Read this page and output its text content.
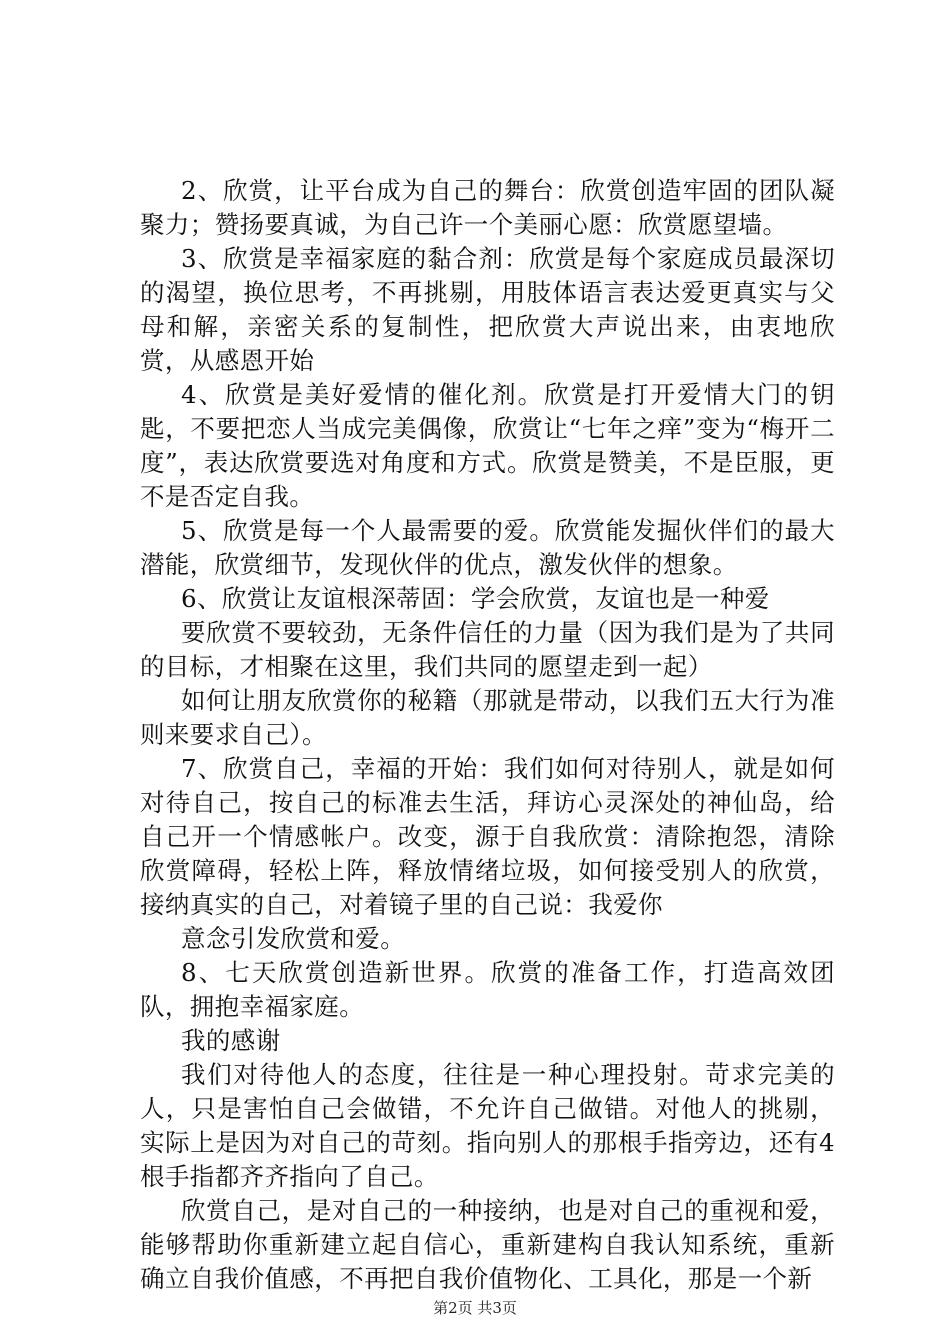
2、欣赏，让平台成为自己的舞台：欣赏创造牢固的团队凝聚力；赞扬要真诚，为自己许一个美丽心愿：欣赏愿望墙。

3、欣赏是幸福家庭的黏合剂：欣赏是每个家庭成员最深切的渴望，换位思考，不再挑剔，用肢体语言表达爱更真实与父母和解，亲密关系的复制性，把欣赏大声说出来，由衷地欣赏，从感恩开始

4、欣赏是美好爱情的催化剂。欣赏是打开爱情大门的钥匙，不要把恋人当成完美偶像，欣赏让“七年之痒”变为“梅开二度”，表达欣赏要选对角度和方式。欣赏是赞美，不是臣服，更不是否定自我。

5、欣赏是每一个人最需要的爱。欣赏能发掘伙伴们的最大潜能，欣赏细节，发现伙伴的优点，激发伙伴的想象。

6、欣赏让友谊根深蒂固：学会欣赏，友谊也是一种爱

要欣赏不要较劲，无条件信任的力量（因为我们是为了共同的目标，才相聚在这里，我们共同的愿望走到一起）

如何让朋友欣赏你的秘籍（那就是带动，以我们五大行为准则来要求自己）。

7、欣赏自己，幸福的开始：我们如何对待别人，就是如何对待自己，按自己的标准去生活，拜访心灵深处的神仙岛，给自己开一个情感帐户。改变，源于自我欣赏：清除抱怨，清除欣赏障碍，轻松上阵，释放情绪垃圾，如何接受别人的欣赏，接纳真实的自己，对着镜子里的自己说：我爱你

意念引发欣赏和爱。

8、七天欣赏创造新世界。欣赏的准备工作，打造高效团队，拥抱幸福家庭。

我的感谢

我们对待他人的态度，往往是一种心理投射。苛求完美的人，只是害怕自己会做错，不允许自己做错。对他人的挑剔，实际上是因为对自己的苛刻。指向别人的那根手指旁边，还有4根手指都齐齐指向了自己。

欣赏自己，是对自己的一种接纳，也是对自己的重视和爱，能够帮助你重新建立起自信心，重新建构自我认知系统，重新确立自我价值感，不再把自我价值物化、工具化，那是一个新

第2页 共3页
